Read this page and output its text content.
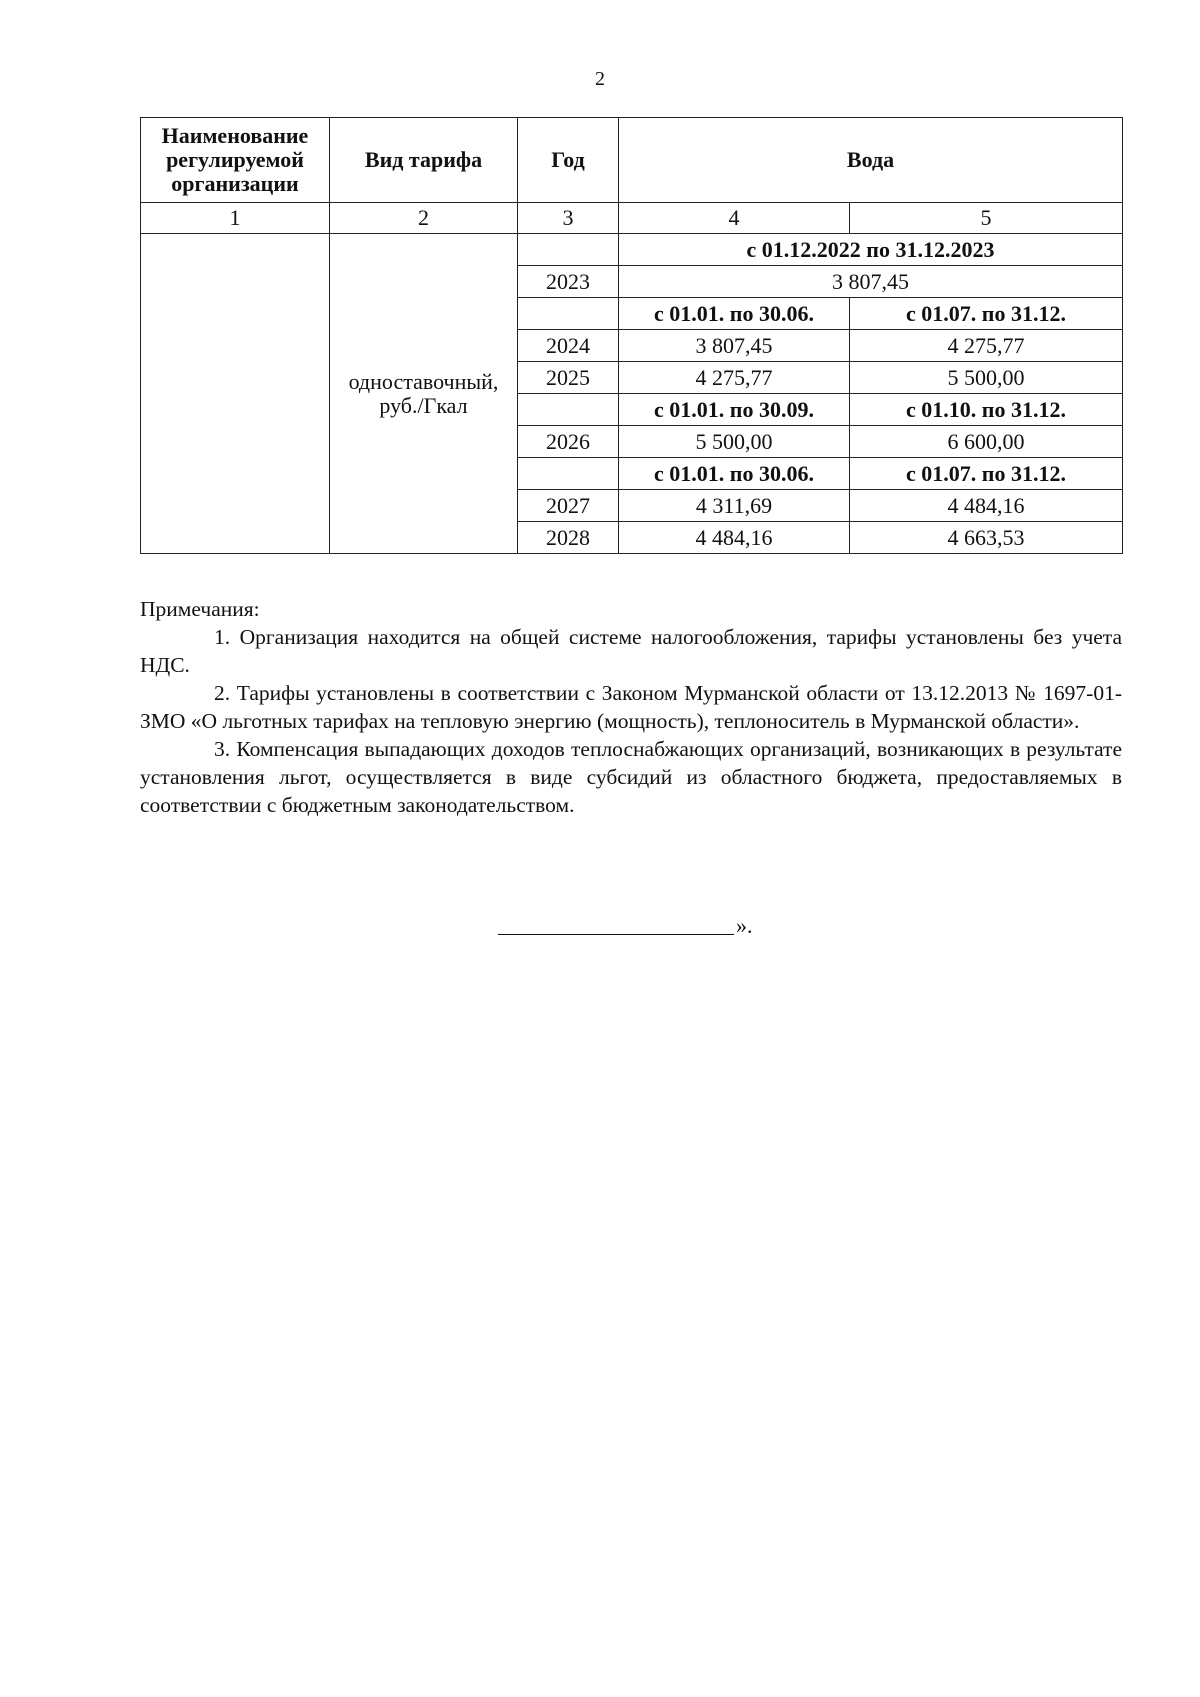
2
Наименование регулируемой организации	Вид тарифа	Год	Вода	
1	2	3	4	5
	одноставочный, руб./Гкал		с 01.12.2022 по 31.12.2023	
		2023	3 807,45	
			с 01.01. по 30.06.	с 01.07. по 31.12.
		2024	3 807,45	4 275,77
		2025	4 275,77	5 500,00
			с 01.01. по 30.09.	с 01.10. по 31.12.
		2026	5 500,00	6 600,00
			с 01.01. по 30.06.	с 01.07. по 31.12.
		2027	4 311,69	4 484,16
		2028	4 484,16	4 663,53

Примечания:

1. Организация находится на общей системе налогообложения, тарифы установлены без учета НДС.

2. Тарифы установлены в соответствии с Законом Мурманской области от 13.12.2013 № 1697-01-ЗМО «О льготных тарифах на тепловую энергию (мощность), теплоноситель в Мурманской области».

3. Компенсация выпадающих доходов теплоснабжающих организаций, возникающих в результате установления льгот, осуществляется в виде субсидий из областного бюджета, предоставляемых в соответствии с бюджетным законодательством.

».
